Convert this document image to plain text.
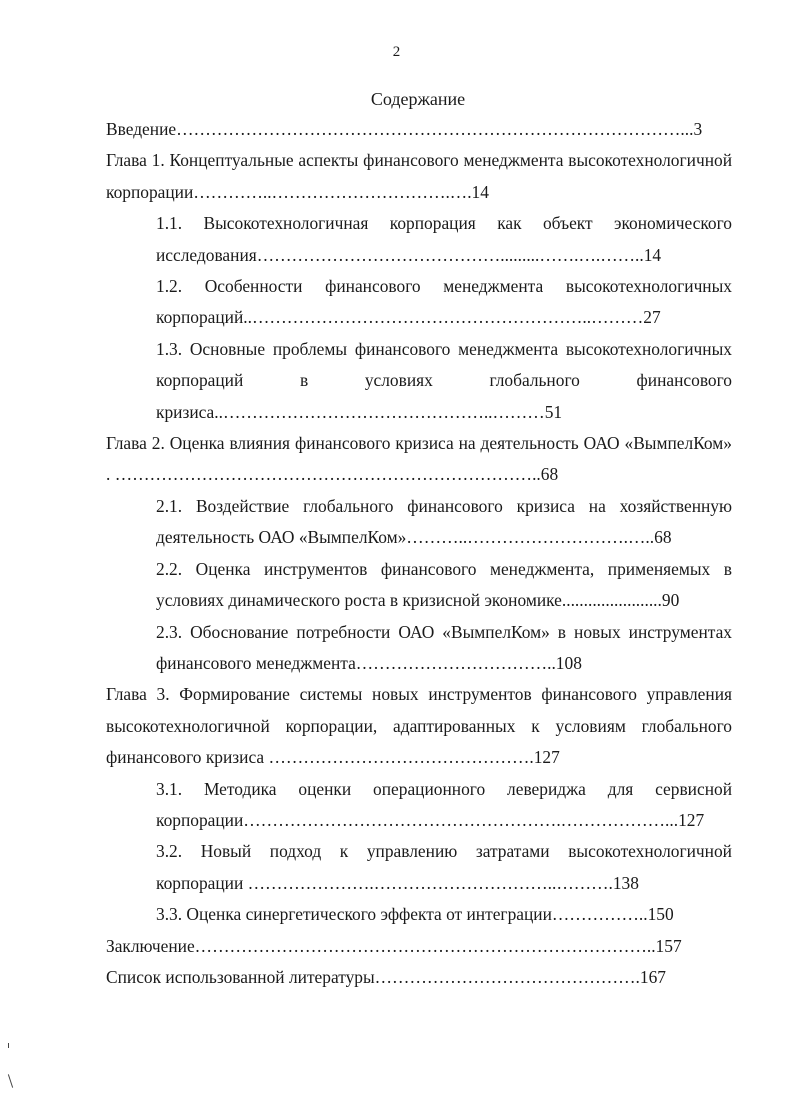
2
Содержание

Введение……………………………………………………………………………...3

Глава 1. Концептуальные аспекты финансового менеджмента высокотехнологичной корпорации…………..………………………….….14

1.1. Высокотехнологичная корпорация как объект экономического исследования…………………………………….........…….….……..14

1.2. Особенности финансового менеджмента высокотехнологичных корпораций..…………………………………………………..………27

1.3. Основные проблемы финансового менеджмента высокотехнологичных корпораций в условиях глобального финансового кризиса..………………………………………..………51

Глава 2. Оценка влияния финансового кризиса на деятельность ОАО «ВымпелКом» . ………………………………………………………………..68

2.1. Воздействие глобального финансового кризиса на хозяйственную деятельность ОАО «ВымпелКом»………..……………………….…..68

2.2. Оценка инструментов финансового менеджмента, применяемых в условиях динамического роста в кризисной экономике.......................90

2.3. Обоснование потребности ОАО «ВымпелКом» в новых инструментах финансового менеджмента……………………………..108

Глава 3. Формирование системы новых инструментов финансового управления высокотехнологичной корпорации, адаптированных к условиям глобального финансового кризиса ……………………………………….127

3.1. Методика оценки операционного левериджа для сервисной корпорации……………………………………………….………………...127

3.2. Новый подход к управлению затратами высокотехнологичной корпорации ………………….…………………………..……….138

3.3. Оценка синергетического эффекта от интеграции……………..150

Заключение……………………………………………………………………..157

Список использованной литературы……………………………………….167
